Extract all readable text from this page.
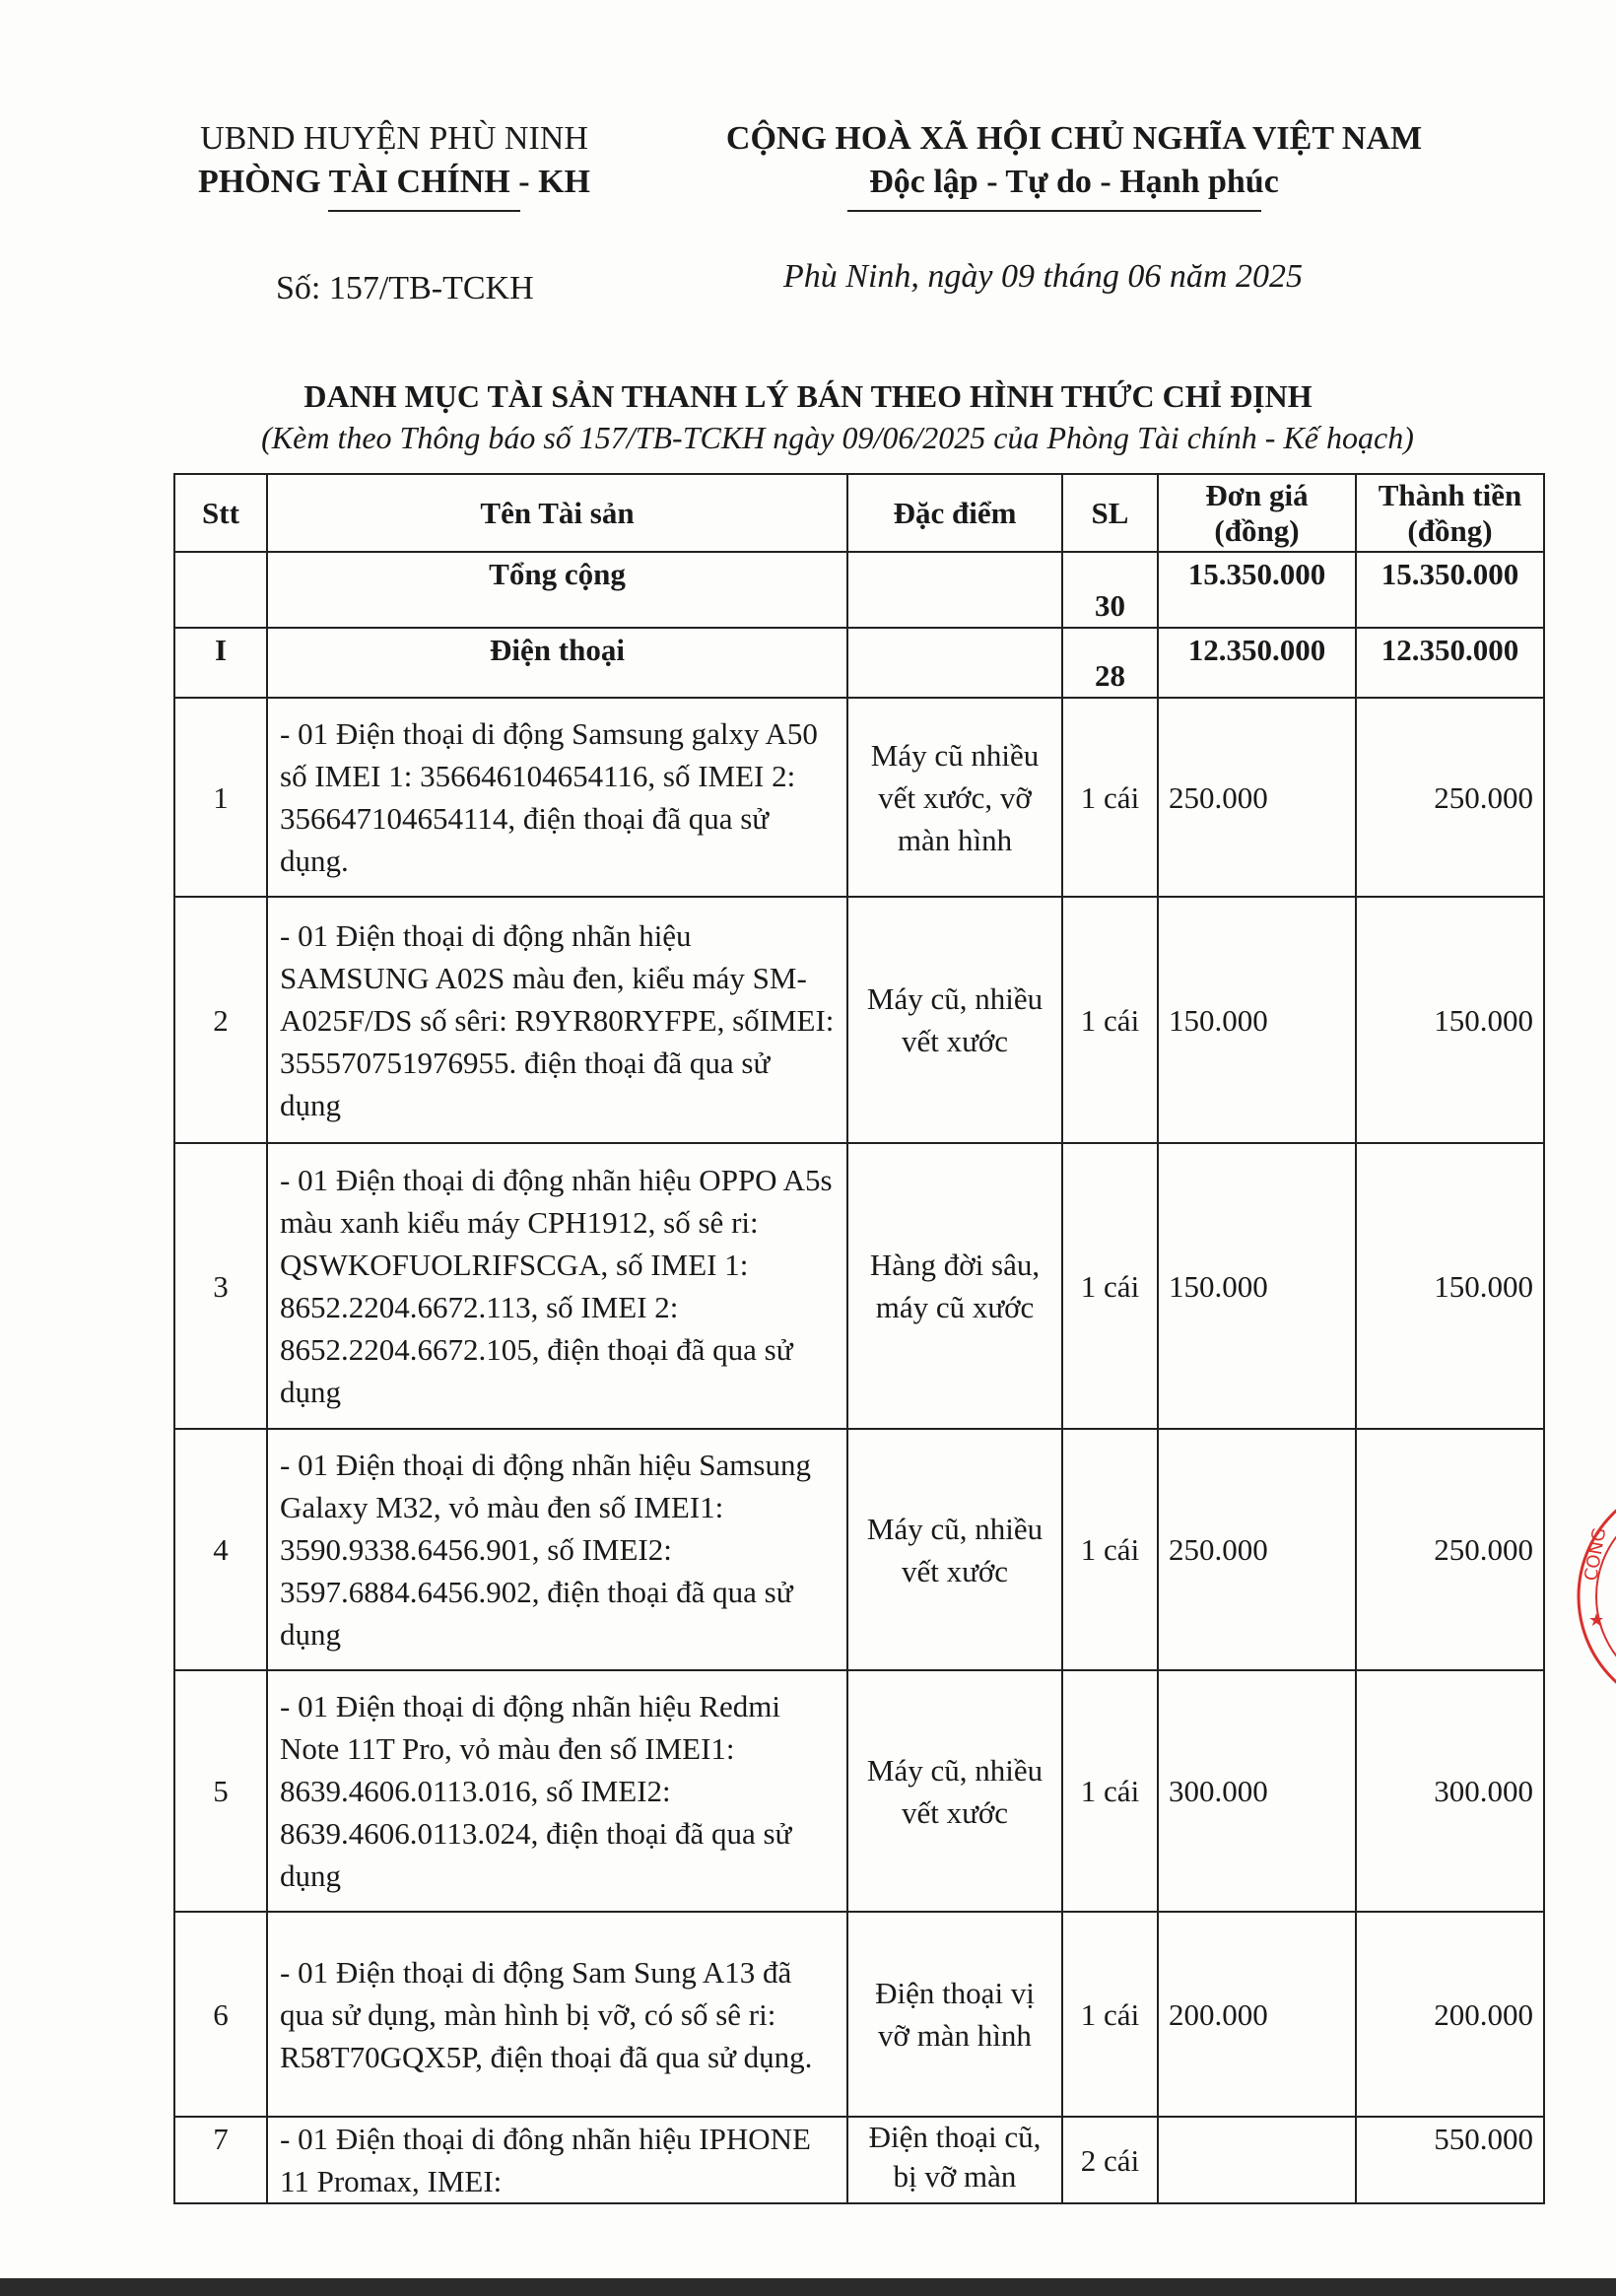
UBND HUYỆN PHÙ NINH
PHÒNG TÀI CHÍNH - KH
CỘNG HOÀ XÃ HỘI CHỦ NGHĨA VIỆT NAM
Độc lập - Tự do - Hạnh phúc
Số: 157/TB-TCKH	Phù Ninh, ngày 09 tháng 06 năm 2025
DANH MỤC TÀI SẢN THANH LÝ BÁN THEO HÌNH THỨC CHỈ ĐỊNH
(Kèm theo Thông báo số 157/TB-TCKH ngày 09/06/2025 của Phòng Tài chính - Kế hoạch)
Stt	Tên Tài sản	Đặc điểm	SL	Đơn giá (đồng)	Thành tiền (đồng)
	Tổng cộng		30	15.350.000	15.350.000
I	Điện thoại		28	12.350.000	12.350.000
1	- 01 Điện thoại di động Samsung galxy A50 số IMEI 1: 356646104654116, số IMEI 2: 356647104654114, điện thoại đã qua sử dụng.	Máy cũ nhiều vết xước, vỡ màn hình	1 cái	250.000	250.000
2	- 01 Điện thoại di động nhãn hiệu SAMSUNG A02S màu đen, kiểu máy SM-A025F/DS số sêri: R9YR80RYFPE, sốIMEI: 355570751976955. điện thoại đã qua sử dụng	Máy cũ, nhiều vết xước	1 cái	150.000	150.000
3	- 01 Điện thoại di động nhãn hiệu OPPO A5s màu xanh kiểu máy CPH1912, số sê ri: QSWKOFUOLRIFSCGA, số IMEI 1: 8652.2204.6672.113, số IMEI 2: 8652.2204.6672.105, điện thoại đã qua sử dụng	Hàng đời sâu, máy cũ xước	1 cái	150.000	150.000
4	- 01 Điện thoại di động nhãn hiệu Samsung Galaxy M32, vỏ màu đen số IMEI1: 3590.9338.6456.901, số IMEI2: 3597.6884.6456.902, điện thoại đã qua sử dụng	Máy cũ, nhiều vết xước	1 cái	250.000	250.000
5	- 01 Điện thoại di động nhãn hiệu Redmi Note 11T Pro, vỏ màu đen số IMEI1: 8639.4606.0113.016, số IMEI2: 8639.4606.0113.024, điện thoại đã qua sử dụng	Máy cũ, nhiều vết xước	1 cái	300.000	300.000
6	- 01 Điện thoại di động Sam Sung A13 đã qua sử dụng, màn hình bị vỡ, có số sê ri: R58T70GQX5P, điện thoại đã qua sử dụng.	Điện thoại vị vỡ màn hình	1 cái	200.000	200.000
7	- 01 Điện thoại di đông nhãn hiệu IPHONE 11 Promax, IMEI:	Điện thoại cũ, bị vỡ màn	2 cái		550.000
CÔNG
★
